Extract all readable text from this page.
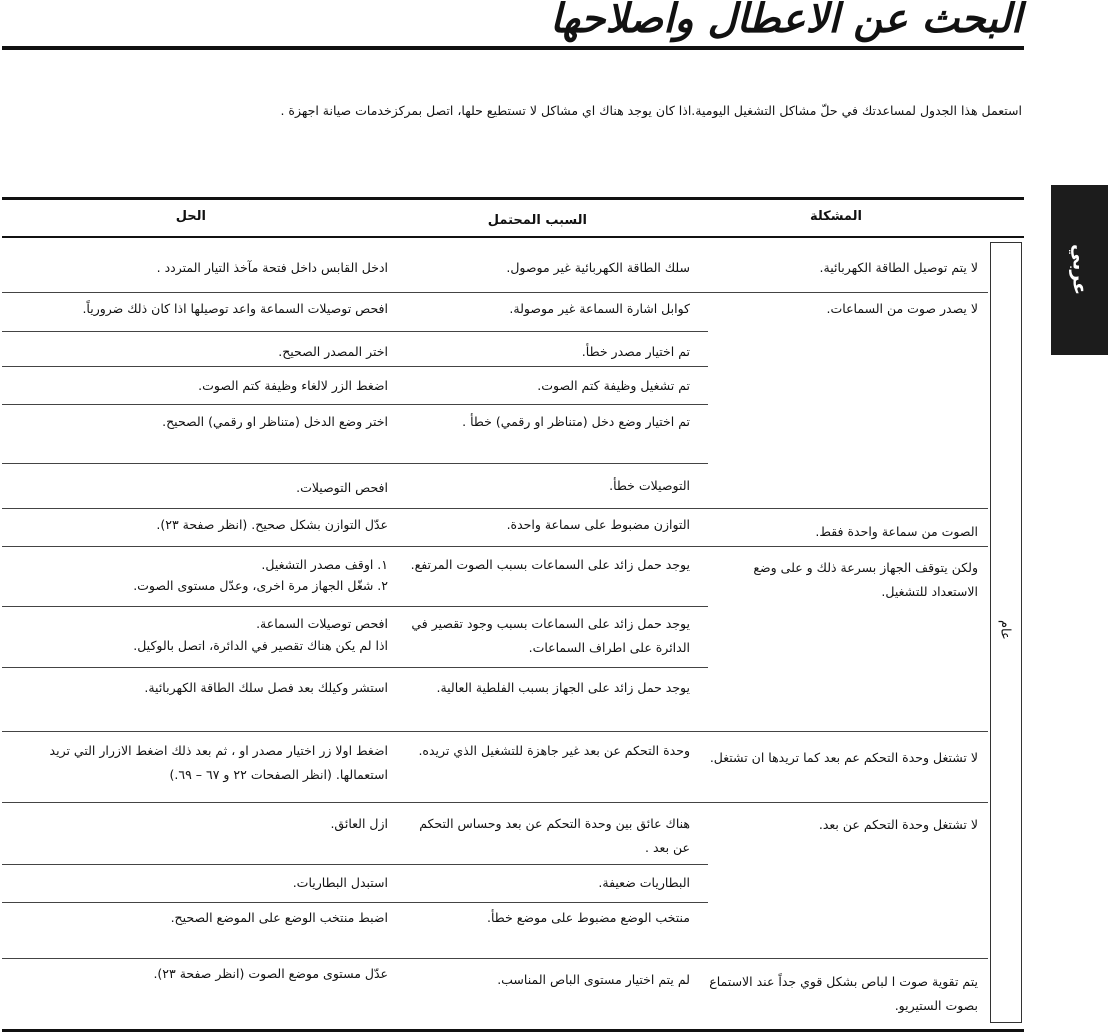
البحث عن الاعطال واصلاحها
استعمل هذا الجدول لمساعدتك في حلّ مشاكل التشغيل اليومية.اذا كان يوجد هناك اي مشاكل لا تستطيع حلها، اتصل بمركزخدمات صيانة اجهزة .
عربي
المشكلة
السبب المحتمل
الحل
عام
لا يتم توصيل الطاقة الكهربائية.
لا يصدر صوت من السماعات.
الصوت من سماعة واحدة فقط.
ولكن يتوقف الجهاز بسرعة ذلك و على وضع الاستعداد للتشغيل.
لا تشتغل وحدة التحكم عم بعد كما تريدها ان تشتغل.
لا تشتغل وحدة التحكم عن بعد.
يتم تقوية صوت ا لباص بشكل قوي جداً عند الاستماع بصوت الستيريو.
سلك الطاقة الكهربائية غير موصول.
كوابل اشارة السماعة غير موصولة.
تم اختيار مصدر خطأ.
تم تشغيل وظيفة كتم الصوت.
تم اختيار وضع دخل (متناظر او رقمي) خطأ .
التوصيلات خطأ.
التوازن مضبوط على سماعة واحدة.
يوجد حمل زائد على السماعات بسبب الصوت المرتفع.
يوجد حمل زائد على السماعات بسبب وجود تقصير في الدائرة على اطراف السماعات.
يوجد حمل زائد على الجهاز بسبب الفلطية العالية.
وحدة التحكم عن بعد غير جاهزة للتشغيل الذي تريده.
هناك عائق بين وحدة التحكم عن بعد وحساس التحكم عن بعد .
البطاريات ضعيفة.
منتخب الوضع مضبوط على موضع خطأ.
لم يتم اختيار مستوى الباص المناسب.
ادخل القابس داخل فتحة مآخذ التيار المتردد .
افحص توصيلات السماعة واعد توصيلها اذا كان ذلك ضرورياً.
اختر المصدر الصحيح.
اضغط الزر لالغاء وظيفة كتم الصوت.
اختر وضع الدخل (متناظر او رقمي) الصحيح.
افحص التوصيلات.
عدّل التوازن بشكل صحيح. (انظر صفحة ٢٣).
١. اوقف مصدر التشغيل.
٢. شغّل الجهاز مرة اخرى، وعدّل مستوى الصوت.
افحص توصيلات السماعة.
اذا لم يكن هناك تقصير في الدائرة، اتصل بالوكيل.
استشر وكيلك بعد فصل سلك الطاقة الكهربائية.
اضغط اولا زر اختيار مصدر او ، ثم بعد ذلك اضغط الازرار التي تريد استعمالها. (انظر الصفحات ٢٢ و ٦٧ – ٦٩.)
ازل العائق.
استبدل البطاريات.
اضبط منتخب الوضع على الموضع الصحيح.
عدّل مستوى موضع الصوت (انظر صفحة ٢٣).
